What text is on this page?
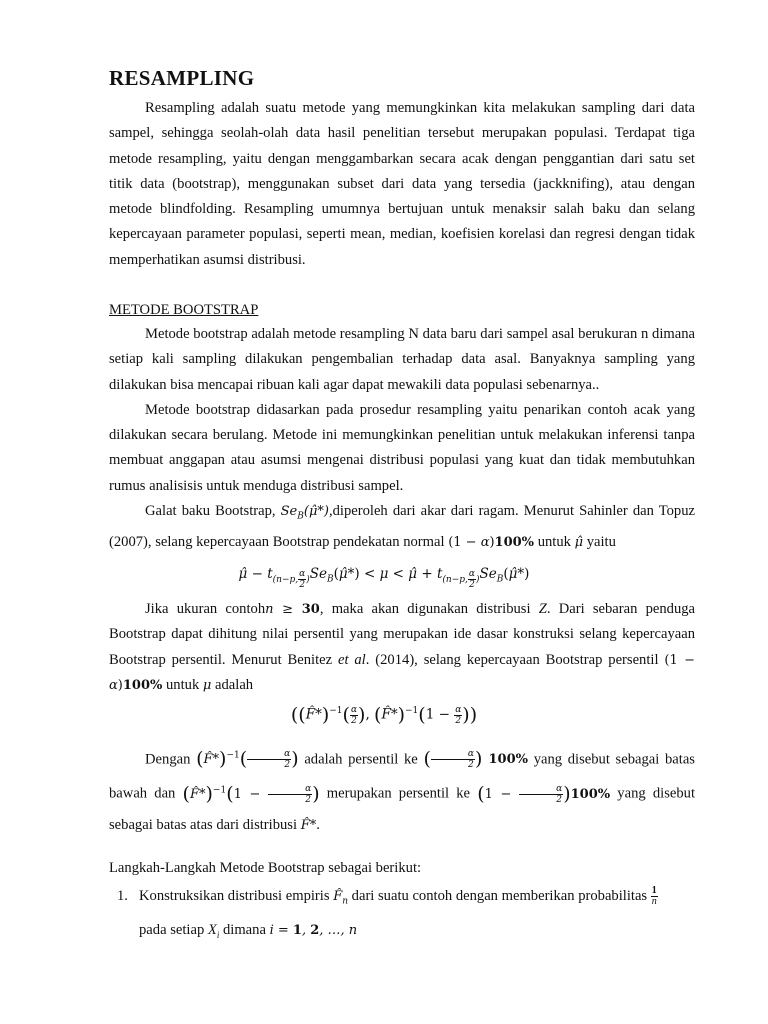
RESAMPLING

Resampling adalah suatu metode yang memungkinkan kita melakukan sampling dari data sampel, sehingga seolah-olah data hasil penelitian tersebut merupakan populasi. Terdapat tiga metode resampling, yaitu dengan menggambarkan secara acak dengan penggantian dari satu set titik data (bootstrap), menggunakan subset dari data yang tersedia (jackknifing), atau dengan metode blindfolding. Resampling umumnya bertujuan untuk menaksir salah baku dan selang kepercayaan parameter populasi, seperti mean, median, koefisien korelasi dan regresi dengan tidak memperhatikan asumsi distribusi.

METODE BOOTSTRAP

Metode bootstrap adalah metode resampling N data baru dari sampel asal berukuran n dimana setiap kali sampling dilakukan pengembalian terhadap data asal. Banyaknya sampling yang dilakukan bisa mencapai ribuan kali agar dapat mewakili data populasi sebenarnya..

Metode bootstrap didasarkan pada prosedur resampling yaitu penarikan contoh acak yang dilakukan secara berulang. Metode ini memungkinkan penelitian untuk melakukan inferensi tanpa membuat anggapan atau asumsi mengenai distribusi populasi yang kuat dan tidak membutuhkan rumus analisisis untuk menduga distribusi sampel.

Galat baku Bootstrap, $Se_B(\mû*),diperoleh$ dari akar dari ragam. Menurut Sahinler dan Topuz (2007), selang kepercayaan Bootstrap pendekatan normal (1 − α)100% untuk μ̂ yaitu

μ̂ − $t_{(n-p, \frac{\alpha}{2} )}Se_B(\mû*) < \mu$ < μ̂ + $t_{(n-p, \frac{\alpha}{2} )}Se_B(\mû*)$

Jika ukuran contohn ≥ 30, maka akan digunakan distribusi Z. Dari sebaran penduga Bootstrap dapat dihitung nilai persentil yang merupakan ide dasar konstruksi selang kepercayaan Bootstrap persentil. Menurut Benitez et al. (2014), selang kepercayaan Bootstrap persentil (1 − α)100% untuk μ adalah

((F̂*)$^{-1}$( $\frac{\alpha}{2}$ ), (F̂*)$^{-1}$(1 − $\frac{\alpha}{2}$ ))

Dengan (F̂*)$^{-1}$( $\frac{\alpha}{2}$ ) adalah persentil ke ( $\frac{\alpha}{2}$ ) 100% yang disebut sebagai batas bawah dan (F̂*)$^{-1}$(1 − $\frac{\alpha}{2}$ ) merupakan persentil ke $(1 - \frac{\alpha}{2} )100\%$ yang disebut sebagai batas atas dari distribusi F̂*.

Langkah-Langkah Metode Bootstrap sebagai berikut:
1. Konstruksikan distribusi empiris $F̂_n$ dari suatu contoh dengan memberikan probabilitas $\frac{1}{n}$
pada setiap $X_i$ dimana i = 1, 2, …, n
